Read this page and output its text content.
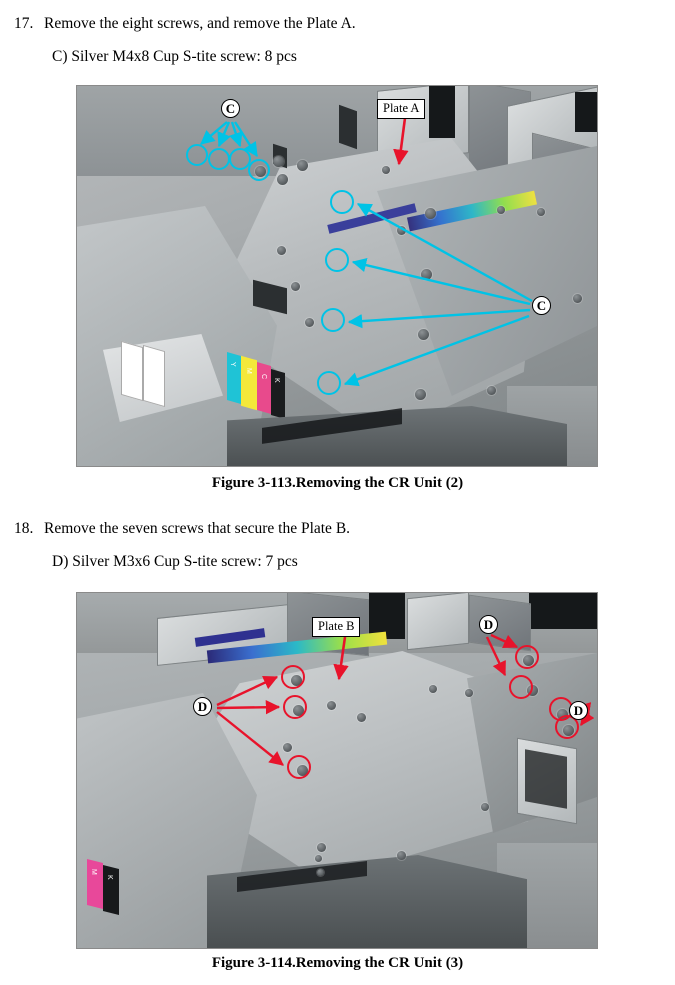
17. Remove the eight screws, and remove the Plate A.
C) Silver M4x8 Cup S-tite screw: 8 pcs
Y
M
C
K
C
C
Plate A
Figure 3-113.Removing the CR Unit (2)
18. Remove the seven screws that secure the Plate B.
D) Silver M3x6 Cup S-tite screw: 7 pcs
M
K
D
D
D
Plate B
Figure 3-114.Removing the CR Unit (3)
